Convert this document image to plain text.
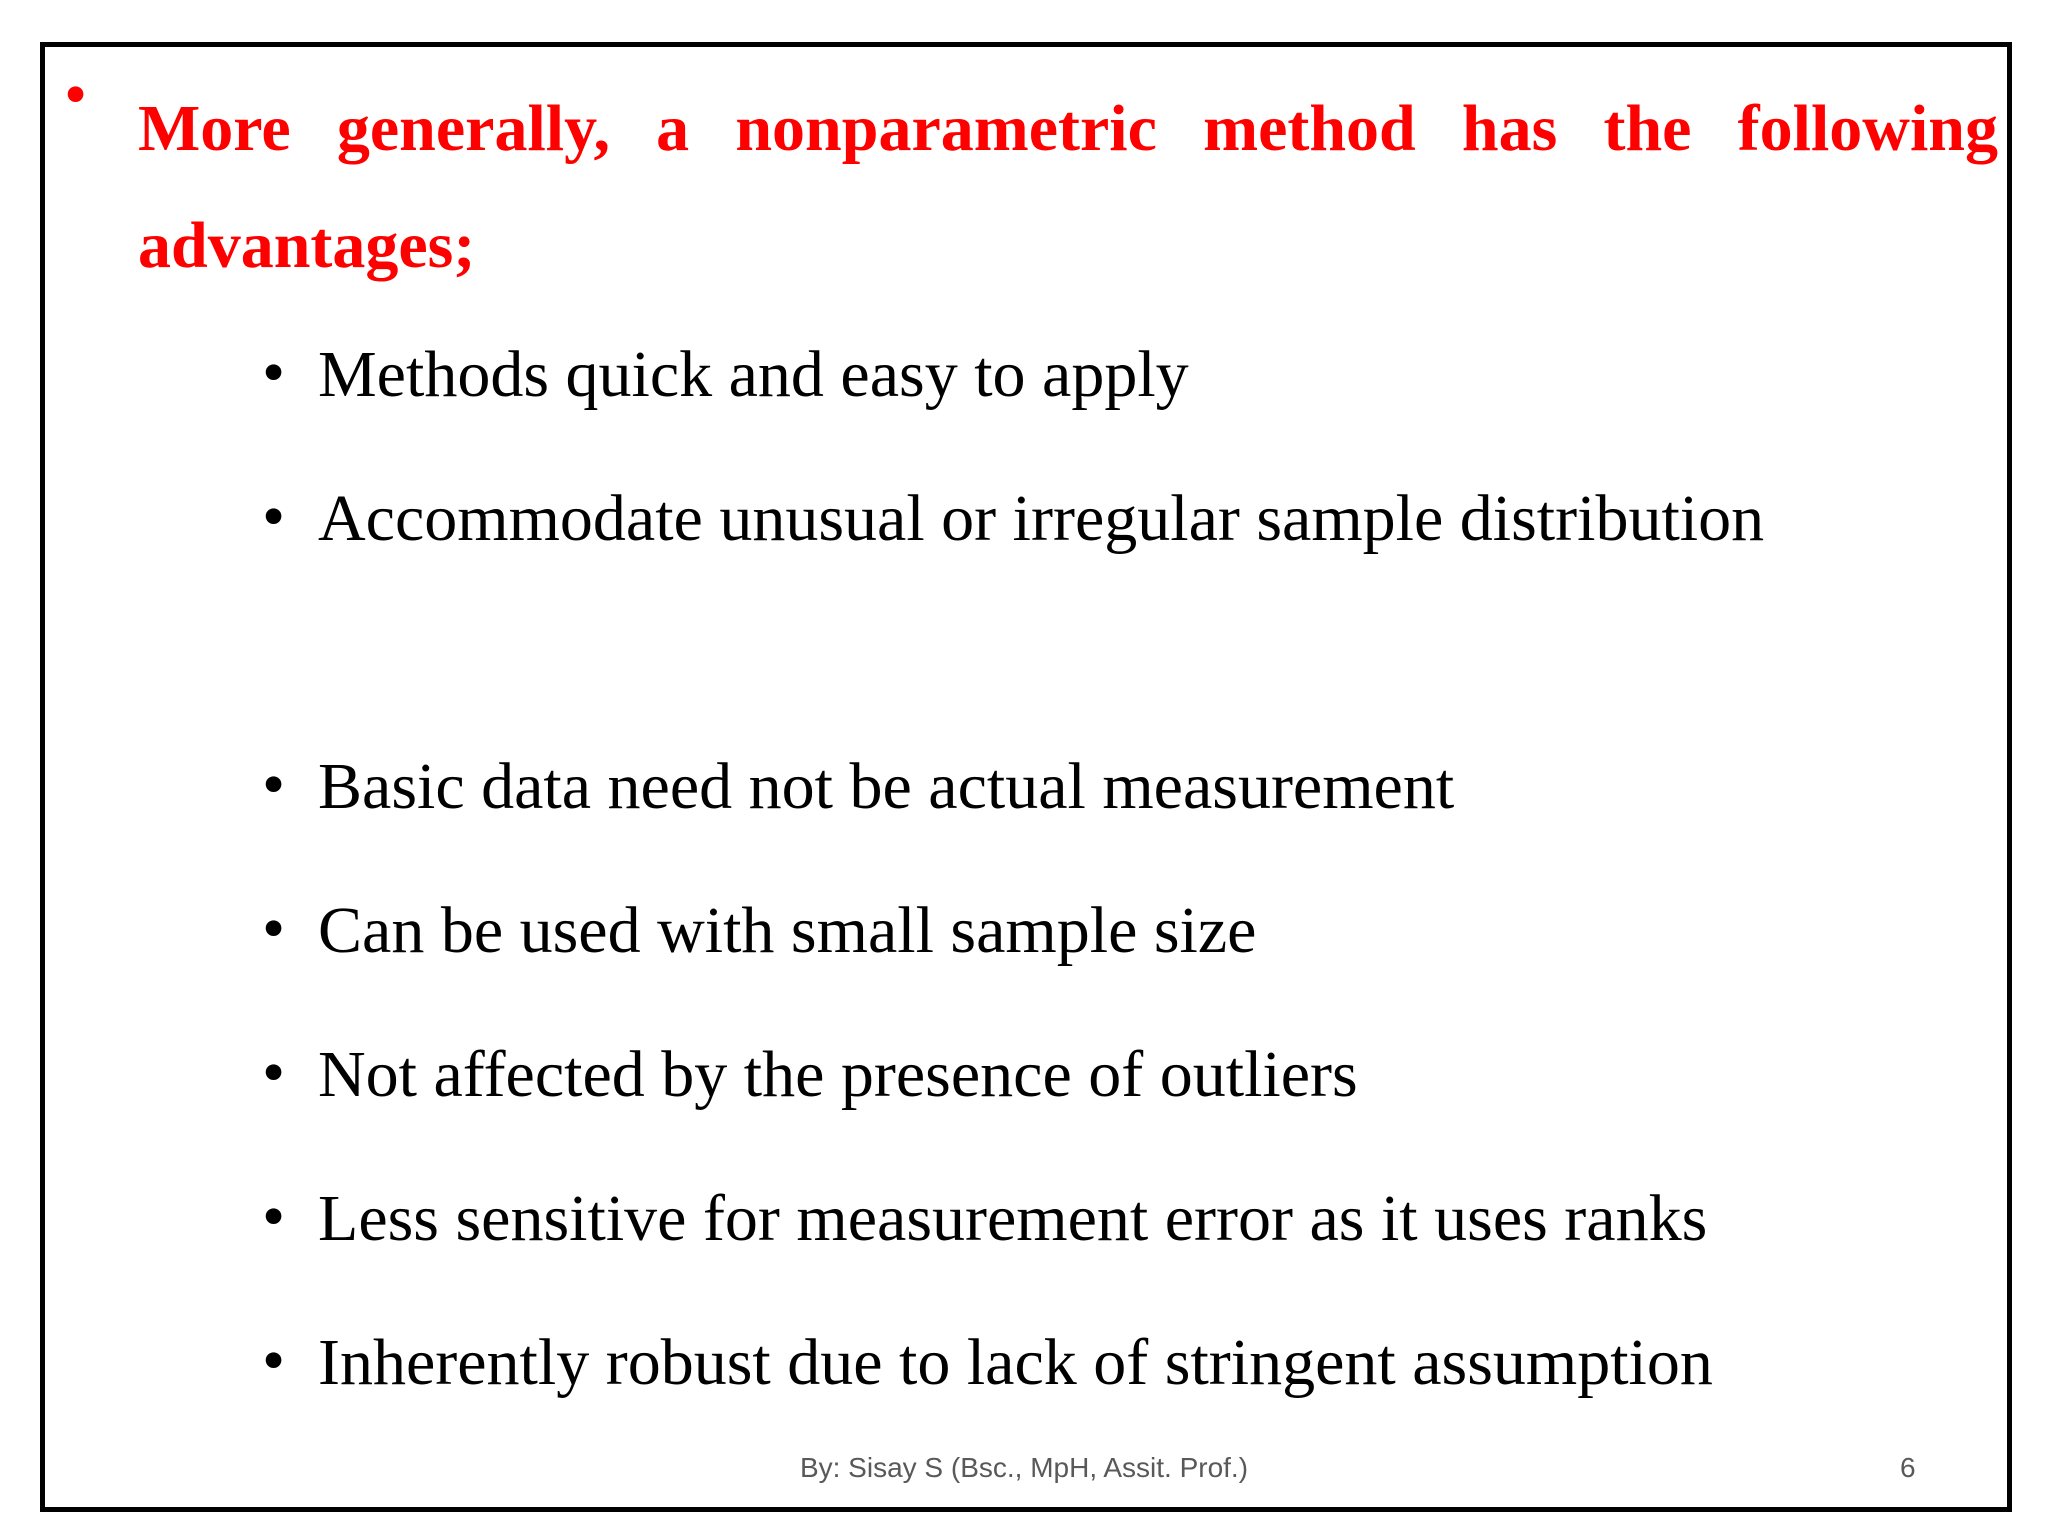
• More generally, a nonparametric method has the following advantages;

• Methods quick and easy to apply
• Accommodate unusual or irregular sample distribution
• Basic data need not be actual measurement
• Can be used with small sample size
• Not affected by the presence of outliers
• Less sensitive for measurement error as it uses ranks
• Inherently robust due to lack of stringent assumption
By: Sisay S (Bsc., MpH, Assit. Prof.)	6
